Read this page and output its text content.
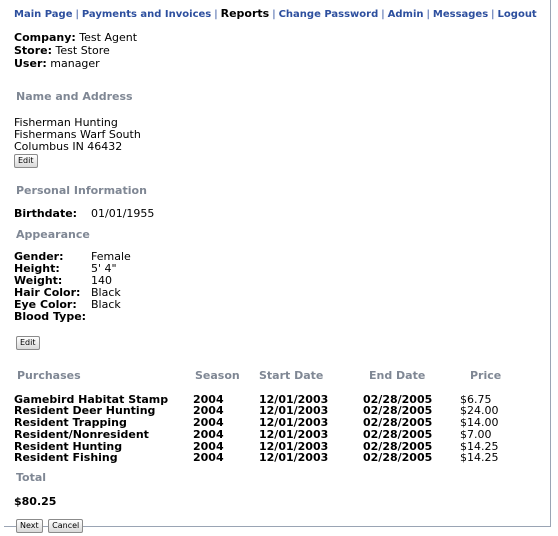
Main Page | Payments and Invoices | Reports | Change Password | Admin | Messages | Logout
Company: Test Agent
Store: Test Store
User: manager
Name and Address
Fisherman Hunting
Fishermans Warf South
Columbus IN 46432
Edit
Personal Information
Birthdate:	01/01/1955
Appearance
Gender:	Female
Height:	5' 4"
Weight:	140
Hair Color: Black
Eye Color:	Black
Blood Type:
Edit
Purchases	Season	Start Date	End Date	Price
Gamebird Habitat Stamp	2004	12/01/2003	02/28/2005	$6.75
Resident Deer Hunting	2004	12/01/2003	02/28/2005	$24.00
Resident Trapping	2004	12/01/2003	02/28/2005	$14.00
Resident/Nonresident	2004	12/01/2003	02/28/2005	$7.00
Resident Hunting	2004	12/01/2003	02/28/2005	$14.25
Resident Fishing	2004	12/01/2003	02/28/2005	$14.25
Total
$80.25
Next Cancel
